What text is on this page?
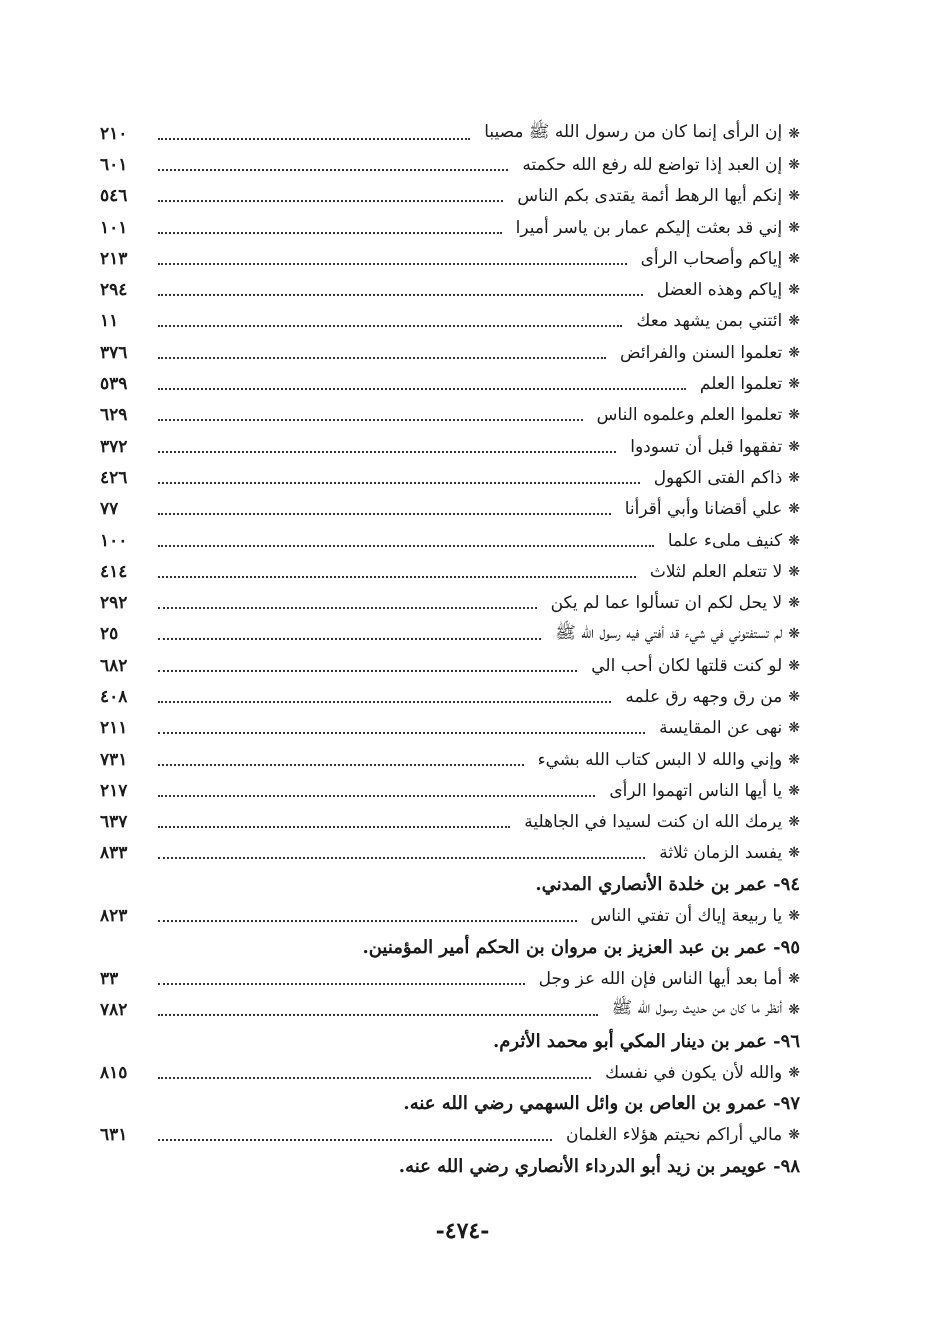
❋
إن الرأى إنما كان من رسول الله ﷺ مصيبا
٢١٠
❋
إن العبد إذا تواضع لله رفع الله حكمته
٦٠١
❋
إنكم أيها الرهط أئمة يقتدى بكم الناس
٥٤٦
❋
إني قد بعثت إليكم عمار بن ياسر أميرا
١٠١
❋
إياكم وأصحاب الرأى
٢١٣
❋
إياكم وهذه العضل
٢٩٤
❋
ائتني بمن يشهد معك
١١
❋
تعلموا السنن والفرائض
٣٧٦
❋
تعلموا العلم
٥٣٩
❋
تعلموا العلم وعلموه الناس
٦٢٩
❋
تفقهوا قبل أن تسودوا
٣٧٢
❋
ذاكم الفتى الكهول
٤٢٦
❋
علي أقضانا وأبي أقرأنا
٧٧
❋
كنيف ملىء علما
١٠٠
❋
لا تتعلم العلم لثلاث
٤١٤
❋
لا يحل لكم ان تسألوا عما لم يكن
٢٩٢
❋
لم تستفتوني في شيء قد أفتي فيه رسول الله ﷺ
٢٥
❋
لو كنت قلتها لكان أحب الي
٦٨٢
❋
من رق وجهه رق علمه
٤٠٨
❋
نهى عن المقايسة
٢١١
❋
وإني والله لا البس كتاب الله بشيء
٧٣١
❋
يا أيها الناس اتهموا الرأى
٢١٧
❋
يرمك الله ان كنت لسيدا في الجاهلية
٦٣٧
❋
يفسد الزمان ثلاثة
٨٣٣
٩٤- عمر بن خلدة الأنصاري المدني.
❋
يا ربيعة إياك أن تفتي الناس
٨٢٣
٩٥- عمر بن عبد العزيز بن مروان بن الحكم أمير المؤمنين.
❋
أما بعد أيها الناس فإن الله عز وجل
٣٣
❋
أنظر ما كان من حديث رسول الله ﷺ
٧٨٢
٩٦- عمر بن دينار المكي أبو محمد الأثرم.
❋
والله لأن يكون في نفسك
٨١٥
٩٧- عمرو بن العاص بن وائل السهمي رضي الله عنه.
❋
مالي أراكم نحيتم هؤلاء الغلمان
٦٣١
٩٨- عويمر بن زيد أبو الدرداء الأنصاري رضي الله عنه.
-٤٧٤-
